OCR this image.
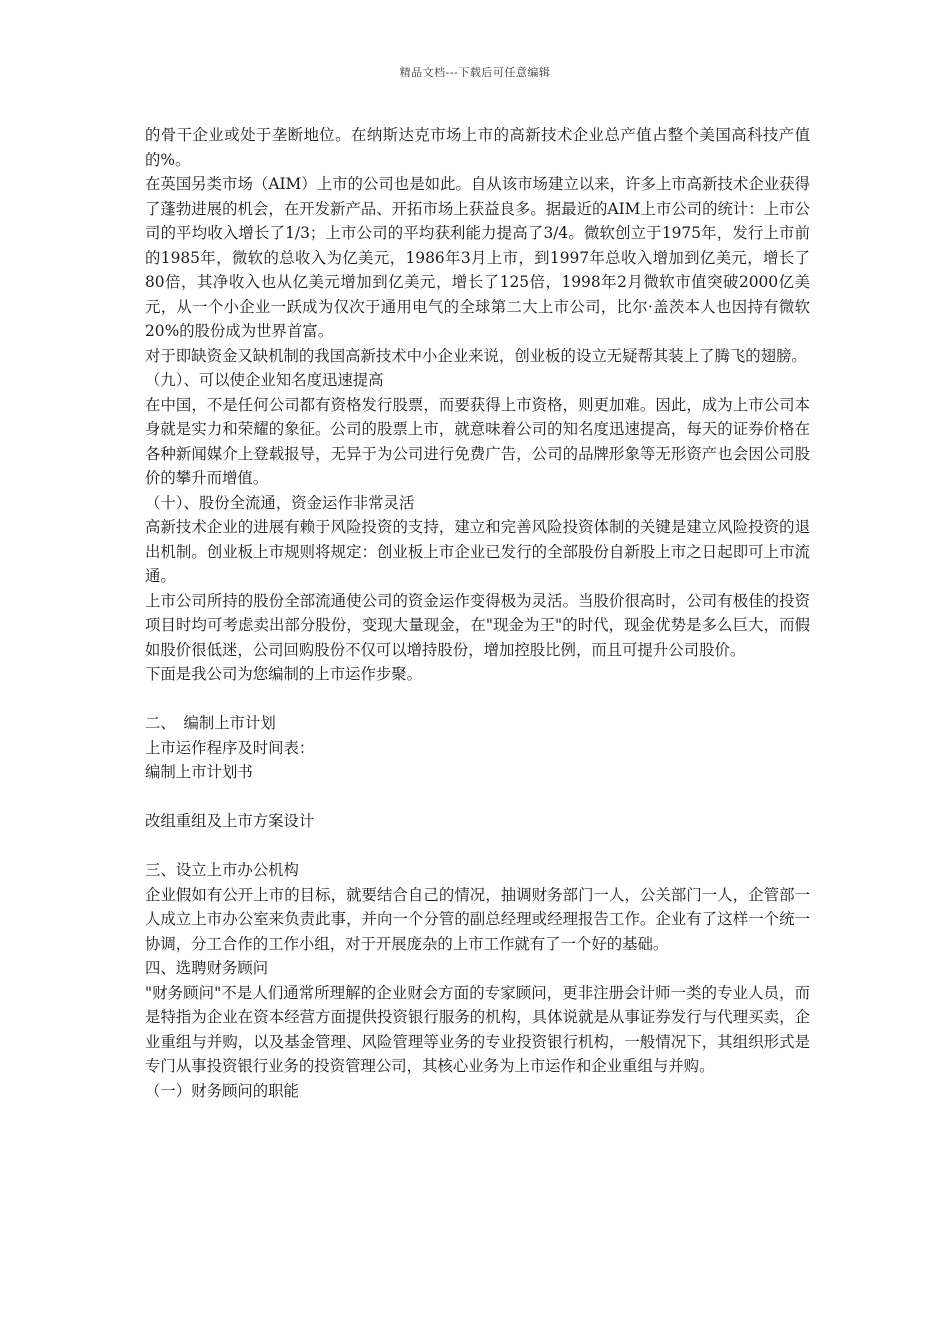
精品文档---下载后可任意编辑

的骨干企业或处于垄断地位。在纳斯达克市场上市的高新技术企业总产值占整个美国高科技产值的%。

在英国另类市场（AIM）上市的公司也是如此。自从该市场建立以来，许多上市高新技术企业获得了蓬勃进展的机会，在开发新产品、开拓市场上获益良多。据最近的AIM上市公司的统计：上市公司的平均收入增长了1/3；上市公司的平均获利能力提高了3/4。微软创立于1975年，发行上市前的1985年，微软的总收入为亿美元，1986年3月上市，到1997年总收入增加到亿美元，增长了80倍，其净收入也从亿美元增加到亿美元，增长了125倍，1998年2月微软市值突破2000亿美元，从一个小企业一跃成为仅次于通用电气的全球第二大上市公司，比尔·盖茨本人也因持有微软20%的股份成为世界首富。

对于即缺资金又缺机制的我国高新技术中小企业来说，创业板的设立无疑帮其装上了腾飞的翅膀。

（九）、可以使企业知名度迅速提高

在中国，不是任何公司都有资格发行股票，而要获得上市资格，则更加难。因此，成为上市公司本身就是实力和荣耀的象征。公司的股票上市，就意味着公司的知名度迅速提高，每天的证券价格在各种新闻媒介上登载报导，无异于为公司进行免费广告，公司的品牌形象等无形资产也会因公司股价的攀升而增值。

（十）、股份全流通，资金运作非常灵活

高新技术企业的进展有赖于风险投资的支持，建立和完善风险投资体制的关键是建立风险投资的退出机制。创业板上市规则将规定：创业板上市企业已发行的全部股份自新股上市之日起即可上市流通。

上市公司所持的股份全部流通使公司的资金运作变得极为灵活。当股价很高时，公司有极佳的投资项目时均可考虑卖出部分股份，变现大量现金，在"现金为王"的时代，现金优势是多么巨大，而假如股价很低迷，公司回购股份不仅可以增持股份，增加控股比例，而且可提升公司股价。

下面是我公司为您编制的上市运作步聚。

二、　编制上市计划

上市运作程序及时间表：

编制上市计划书

改组重组及上市方案设计

三、设立上市办公机构

企业假如有公开上市的目标，就要结合自己的情况，抽调财务部门一人，公关部门一人，企管部一人成立上市办公室来负责此事，并向一个分管的副总经理或经理报告工作。企业有了这样一个统一协调，分工合作的工作小组，对于开展庞杂的上市工作就有了一个好的基础。

四、选聘财务顾问

"财务顾问"不是人们通常所理解的企业财会方面的专家顾问，更非注册会计师一类的专业人员，而是特指为企业在资本经营方面提供投资银行服务的机构，具体说就是从事证券发行与代理买卖，企业重组与并购，以及基金管理、风险管理等业务的专业投资银行机构，一般情况下，其组织形式是专门从事投资银行业务的投资管理公司，其核心业务为上市运作和企业重组与并购。

（一）财务顾问的职能
